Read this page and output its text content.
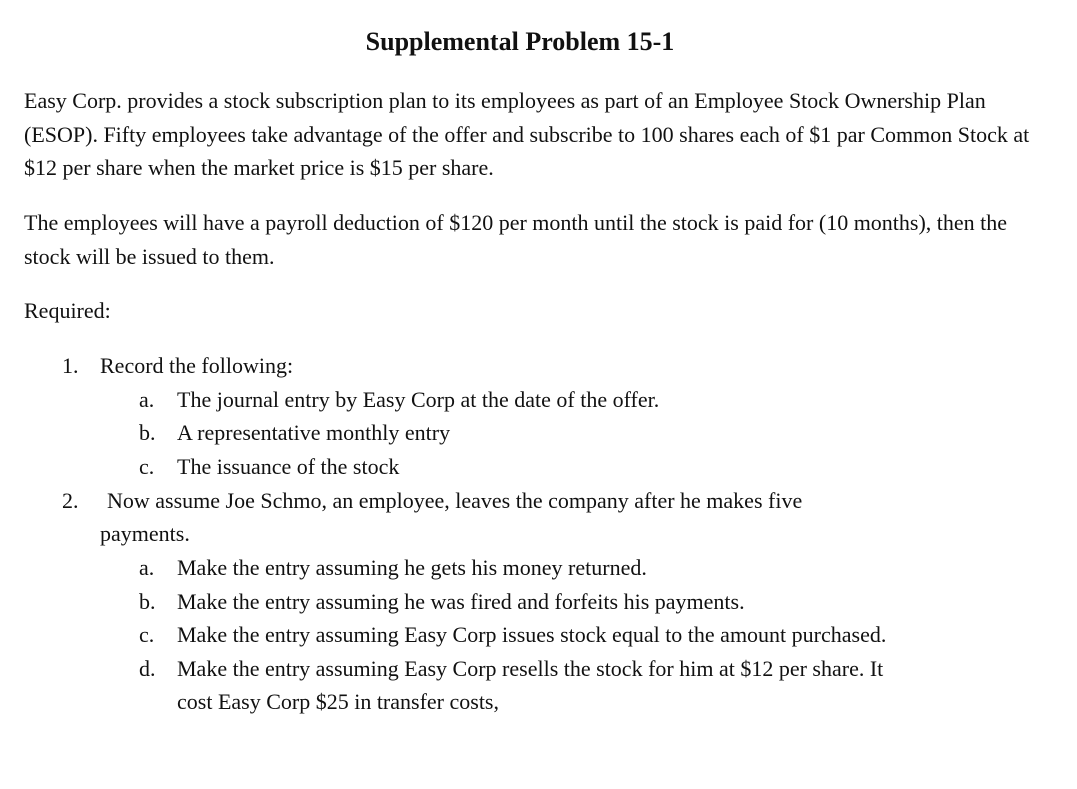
Supplemental Problem 15-1

Easy Corp. provides a stock subscription plan to its employees as part of an Employee Stock Ownership Plan (ESOP). Fifty employees take advantage of the offer and subscribe to 100 shares each of $1 par Common Stock at $12 per share when the market price is $15 per share.

The employees will have a payroll deduction of $120 per month until the stock is paid for (10 months), then the stock will be issued to them.

Required:

1. Record the following:
a. The journal entry by Easy Corp at the date of the offer.
b. A representative monthly entry
c. The issuance of the stock
2. Now assume Joe Schmo, an employee, leaves the company after he makes five
payments.
a. Make the entry assuming he gets his money returned.
b. Make the entry assuming he was fired and forfeits his payments.
c. Make the entry assuming Easy Corp issues stock equal to the amount purchased.
d. Make the entry assuming Easy Corp resells the stock for him at $12 per share. It
cost Easy Corp $25 in transfer costs,
